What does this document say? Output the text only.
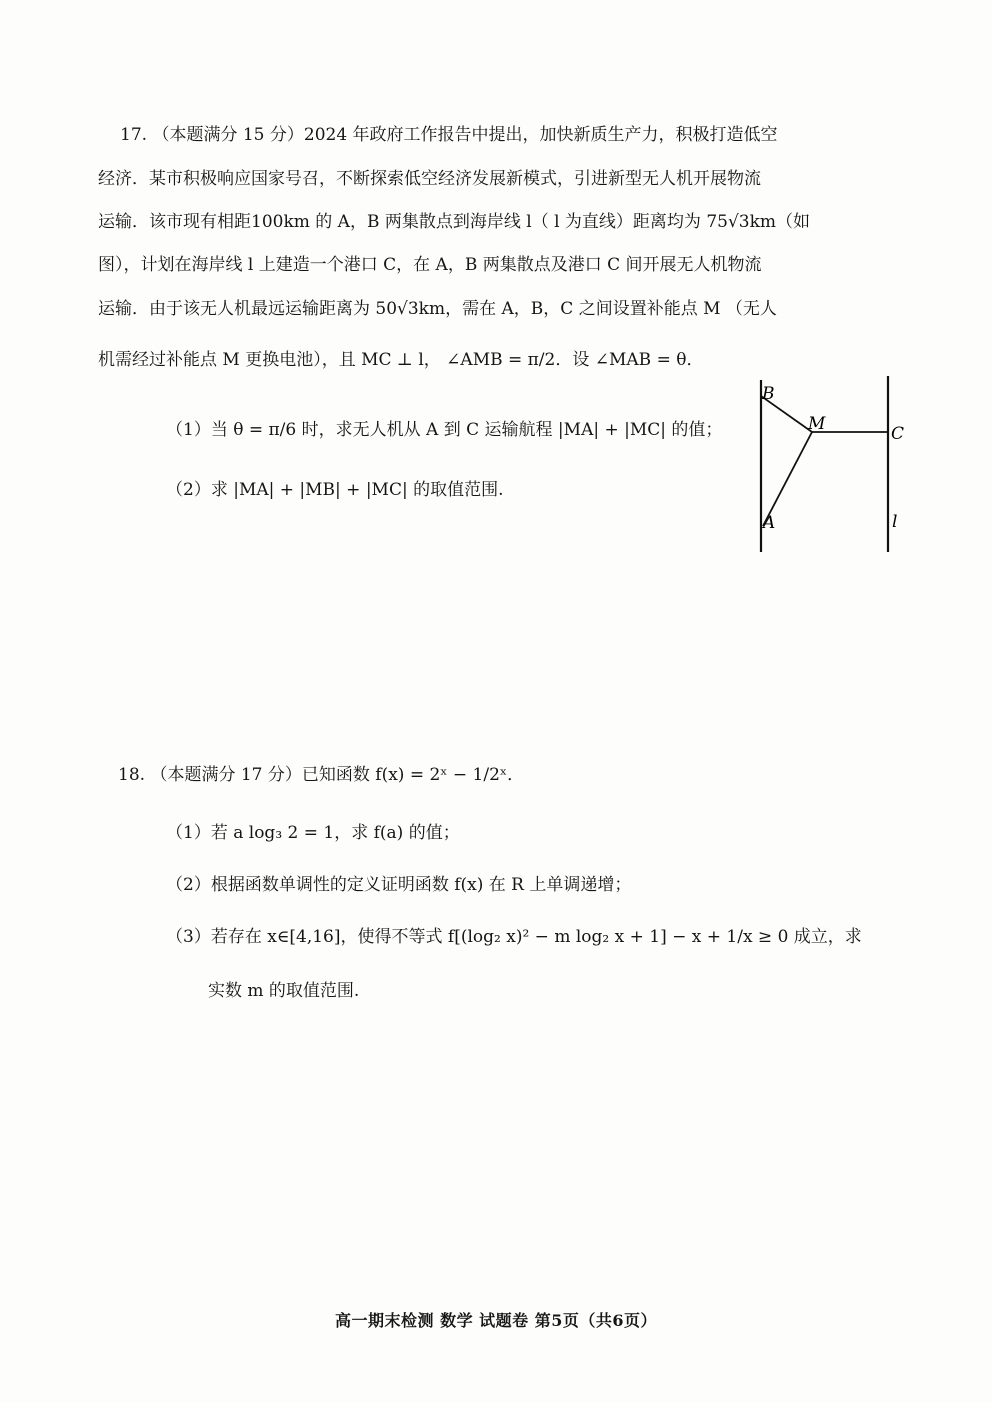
17. （本题满分 15 分）2024 年政府工作报告中提出，加快新质生产力，积极打造低空
经济．某市积极响应国家号召，不断探索低空经济发展新模式，引进新型无人机开展物流
运输．该市现有相距100km 的 A，B 两集散点到海岸线 l（ l 为直线）距离均为 75√3km（如
图），计划在海岸线 l 上建造一个港口 C，在 A，B 两集散点及港口 C 间开展无人机物流
运输．由于该无人机最远运输距离为 50√3km，需在 A，B，C 之间设置补能点 M （无人
机需经过补能点 M 更换电池），且 MC ⊥ l， ∠AMB = π/2．设 ∠MAB = θ．
（1）当 θ = π/6 时，求无人机从 A 到 C 运输航程 |MA| + |MC| 的值；
（2）求 |MA| + |MB| + |MC| 的取值范围.
B
M	C
A	l
18. （本题满分 17 分）已知函数 f(x) = 2ˣ − 1/2ˣ．
（1）若 a log₃ 2 = 1，求 f(a) 的值；
（2）根据函数单调性的定义证明函数 f(x) 在 R 上单调递增；
（3）若存在 x∈[4,16]，使得不等式 f[(log₂ x)² − m log₂ x + 1] − x + 1/x ≥ 0 成立，求
实数 m 的取值范围.
高一期末检测 数学 试题卷 第5页（共6页）
